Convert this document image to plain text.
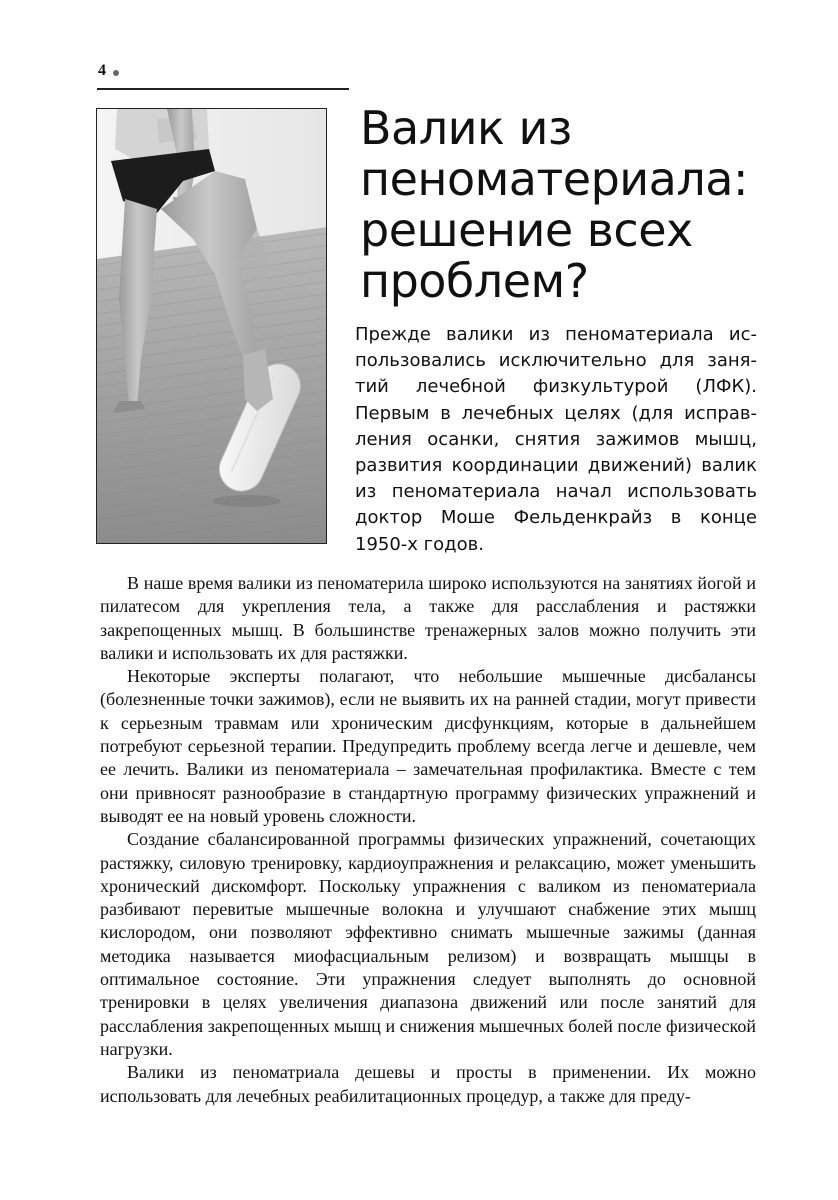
4
Валик из пеноматериала: решение всех проблем?

Прежде валики из пеноматериала использовались исключительно для занятий лечебной физкультурой (ЛФК). Первым в лечебных целях (для исправления осанки, снятия зажимов мышц, развития координации движений) валик из пеноматериала начал использовать доктор Моше Фельденкрайз в конце 1950-х годов.

В наше время валики из пеноматерила широко используются на занятиях йогой и пилатесом для укрепления тела, а также для расслабления и растяжки закрепощенных мышц. В большинстве тренажерных залов можно получить эти валики и использовать их для растяжки.

Некоторые эксперты полагают, что небольшие мышечные дисбалансы (болезненные точки зажимов), если не выявить их на ранней стадии, могут привести к серьезным травмам или хроническим дисфункциям, которые в дальнейшем потребуют серьезной терапии. Предупредить проблему всегда легче и дешевле, чем ее лечить. Валики из пеноматериала – замечательная профилактика. Вместе с тем они привносят разнообразие в стандартную программу физических упражнений и выводят ее на новый уровень сложности.

Создание сбалансированной программы физических упражнений, сочетающих растяжку, силовую тренировку, кардиоупражнения и релаксацию, может уменьшить хронический дискомфорт. Поскольку упражнения с валиком из пеноматериала разбивают перевитые мышечные волокна и улучшают снабжение этих мышц кислородом, они позволяют эффективно снимать мышечные зажимы (данная методика называется миофасциальным релизом) и возвращать мышцы в оптимальное состояние. Эти упражнения следует выполнять до основной тренировки в целях увеличения диапазона движений или после занятий для расслабления закрепощенных мышц и снижения мышечных болей после физической нагрузки.

Валики из пеноматриала дешевы и просты в применении. Их можно использовать для лечебных реабилитационных процедур, а также для преду-
